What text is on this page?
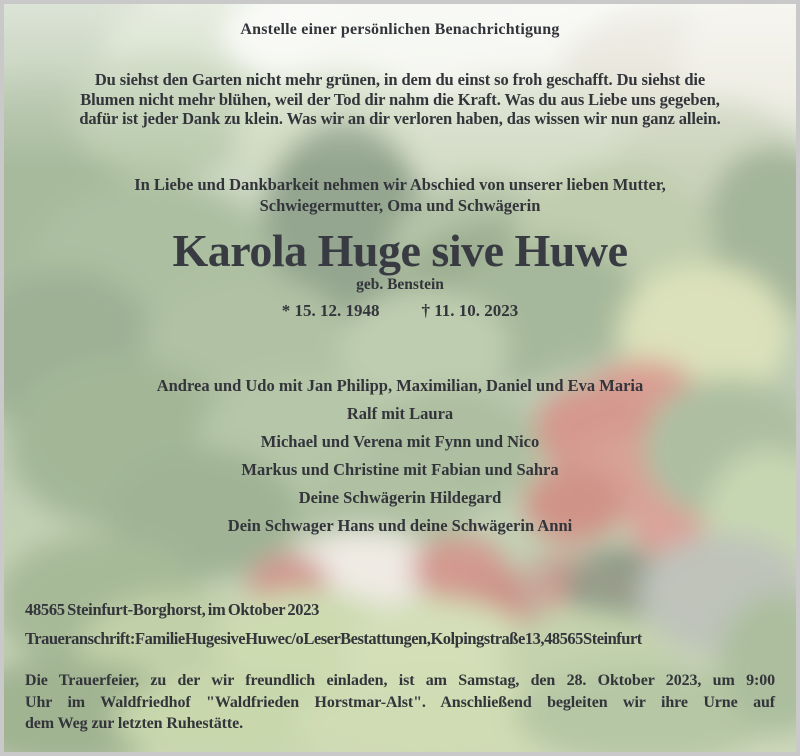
Anstelle einer persönlichen Benachrichtigung
Du siehst den Garten nicht mehr grünen, in dem du einst so froh geschafft. Du siehst die
Blumen nicht mehr blühen, weil der Tod dir nahm die Kraft. Was du aus Liebe uns gegeben,
dafür ist jeder Dank zu klein. Was wir an dir verloren haben, das wissen wir nun ganz allein.
In Liebe und Dankbarkeit nehmen wir Abschied von unserer lieben Mutter,
Schwiegermutter, Oma und Schwägerin
Karola Huge sive Huwe
geb. Benstein
* 15. 12. 1948 † 11. 10. 2023
Andrea und Udo mit Jan Philipp, Maximilian, Daniel und Eva Maria
Ralf mit Laura
Michael und Verena mit Fynn und Nico
Markus und Christine mit Fabian und Sahra
Deine Schwägerin Hildegard
Dein Schwager Hans und deine Schwägerin Anni
48565 Steinfurt-Borghorst, im Oktober 2023
Traueranschrift: Familie Huge sive Huwe c/o Leser Bestattungen, Kolpingstraße 13, 48565 Steinfurt
Die Trauerfeier, zu der wir freundlich einladen, ist am Samstag, den 28. Oktober 2023, um 9:00
Uhr im Waldfriedhof "Waldfrieden Horstmar-Alst". Anschließend begleiten wir ihre Urne auf
dem Weg zur letzten Ruhestätte.
